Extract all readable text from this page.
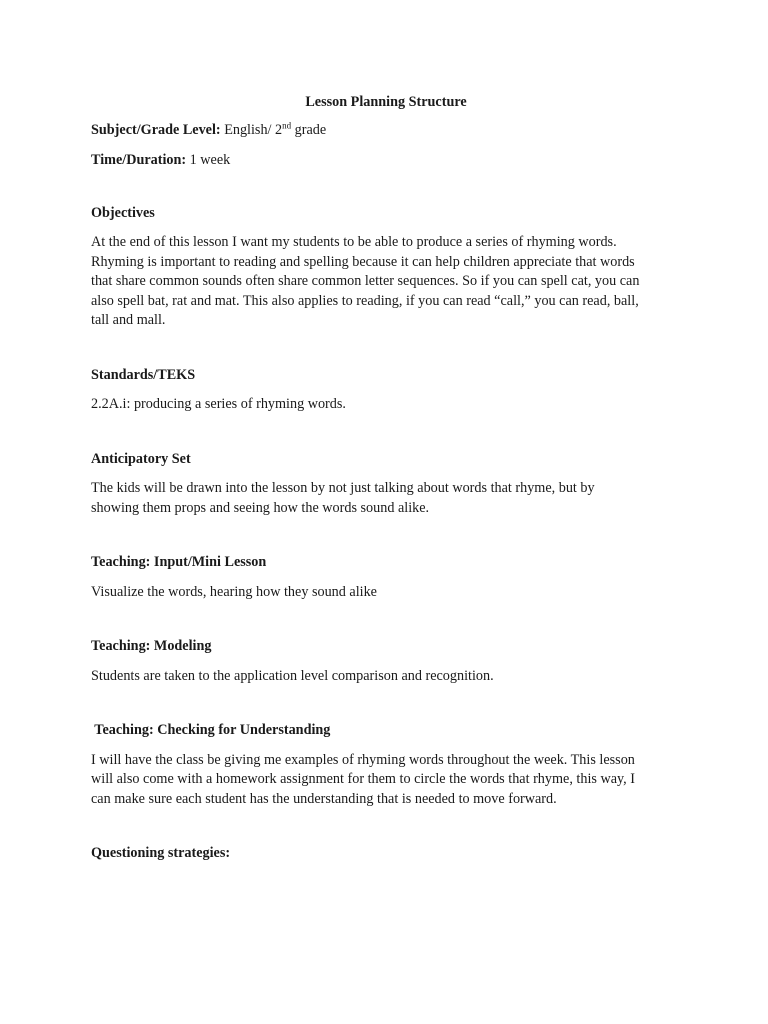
Lesson Planning Structure
Subject/Grade Level: English/ 2nd grade
Time/Duration: 1 week
Objectives
At the end of this lesson I want my students to be able to produce a series of rhyming words.
Rhyming is important to reading and spelling because it can help children appreciate that words
that share common sounds often share common letter sequences. So if you can spell cat, you can
also spell bat, rat and mat. This also applies to reading, if you can read “call,” you can read, ball,
tall and mall.
Standards/TEKS
2.2A.i: producing a series of rhyming words.
Anticipatory Set
The kids will be drawn into the lesson by not just talking about words that rhyme, but by
showing them props and seeing how the words sound alike.
Teaching: Input/Mini Lesson
Visualize the words, hearing how they sound alike
Teaching: Modeling
Students are taken to the application level comparison and recognition.
Teaching: Checking for Understanding
I will have the class be giving me examples of rhyming words throughout the week. This lesson
will also come with a homework assignment for them to circle the words that rhyme, this way, I
can make sure each student has the understanding that is needed to move forward.
Questioning strategies:
